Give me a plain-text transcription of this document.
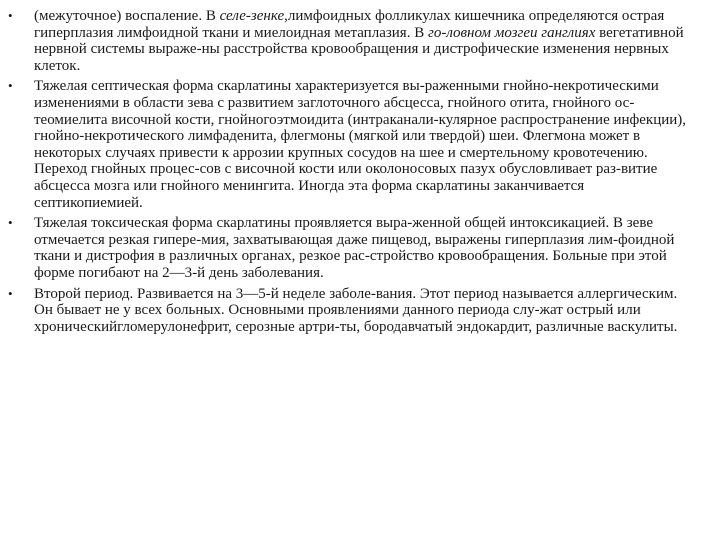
• (межуточное) воспаление. В селе-зенке,лимфоидных фолликулах кишечника определяются острая гиперплазия лимфоидной ткани и миелоидная метаплазия. В го-ловном мозгеи ганглиях вегетативной нервной системы выраже-ны расстройства кровообращения и дистрофические изменения нервных клеток.
• Тяжелая септическая форма скарлатины характеризуется вы-раженными гнойно-некротическими изменениями в области зева с развитием заглоточного абсцесса, гнойного отита, гнойного ос-теомиелита височной кости, гнойногоэтмоидита (интраканали-кулярное распространение инфекции), гнойно-некротического лимфаденита, флегмоны (мягкой или твердой) шеи. Флегмона может в некоторых случаях привести к аррозии крупных сосудов на шее и смертельному кровотечению. Переход гнойных процес-сов с височной кости или околоносовых пазух обусловливает раз-витие абсцесса мозга или гнойного менингита. Иногда эта форма скарлатины заканчивается септикопиемией.
• Тяжелая токсическая форма скарлатины проявляется выра-женной общей интоксикацией. В зеве отмечается резкая гипере-мия, захватывающая даже пищевод, выражены гиперплазия лим-фоидной ткани и дистрофия в различных органах, резкое рас-стройство кровообращения. Больные при этой форме погибают на 2—3-й день заболевания.
• Второй период. Развивается на 3—5-й неделе заболе-вания. Этот период называется аллергическим. Он бывает не у всех больных. Основными проявлениями данного периода слу-жат острый или хроническийгломерулонефрит, серозные артри-ты, бородавчатый эндокардит, различные васкулиты.
